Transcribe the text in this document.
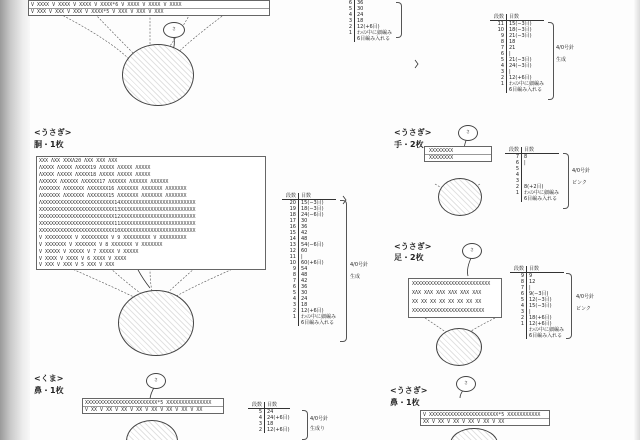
V XXXX V XXXX V XXXX V XXXX*6 V XXXX V XXXX V XXXX
V XXX V XXX V XXX V XXXX*5 V XXX V XXX V XXX
さ
6	36
5	30
4	24
3	18
2	12(+6目)
1	わの中に細編み
6目編み入れる
段数	目数
11	15(−3目)
10	18(−3目)
9	21(−3目)
8	18
7	21
6	|
5	21(−3目)
4	24(−3目)
3	|
2	12(+6目)
1	わの中に細編み
6目編み入れる
4/0号針
生成
<うさぎ>
胴・1枚
XXX ΛXX XXXΛ20 ΛXX XXX ΛXX
ΛXXXX ΛXXXX ΛXXXX19 ΛXXXX ΛXXXX ΛXXXX
ΛXXXX ΛXXXX ΛXXXX18 ΛXXXX ΛXXXX ΛXXXX
ΛXXXXX ΛXXXXX ΛXXXXX17 ΛXXXXX ΛXXXXX ΛXXXXX
ΛXXXXXX ΛXXXXXX ΛXXXXXX16 ΛXXXXXX ΛXXXXXX ΛXXXXXX
ΛXXXXXX ΛXXXXXX ΛXXXXXX15 ΛXXXXXX ΛXXXXXX ΛXXXXXX
ΛXXXXXXXXXXXXXXXXXXXXXXXX14XXXXXXXXXXXXXXXXXXXXXXXXX
XXXXXXXXXXXXXXXXXXXXXXXXX13XXXXXXXXXXXXXXXXXXXXXXXXX
XXXXXXXXXXXXXXXXXXXXXXXXX12XXXXXXXXXXXXXXXXXXXXXXXXX
XXXXXXXXXXXXXXXXXXXXXXXXX11XXXXXXXXXXXXXXXXXXXXXXXXX
XXXXXXXXXXXXXXXXXXXXXXXXX10XXXXXXXXXXXXXXXXXXXXXXXXX
V XXXXXXXXX V XXXXXXXXX V 9 XXXXXXXXX V XXXXXXXXX
V XXXXXXX V XXXXXXX V 8 XXXXXXX V XXXXXXX
V XXXXX V XXXXX V 7 XXXXX V XXXXX
V XXXX V XXXX V 6 XXXX V XXXX
V XXX V XXX V 5 XXX V XXX
段数	目数
20	15(−3目)
19	18(−3目)
18	24(−6目)
17	30
16	36
15	42
14	48
13	54(−6目)
12	60
11	|
10	60(+6目)
9	54
8	48
7	42
6	36
5	30
4	24
3	18
2	12(+6目)
1	わの中に細編み
6目編み入れる
4/0号針
生成
<うさぎ>
手・2枚
さ
XXXXXXXX
XXXXXXXX
段数	目数
7	8
6	|
5
4
3
2	8(+2目)
1	わの中に細編み
6目編み入れる
4/0号針
ピンク
<うさぎ>
足・2枚
さ
XXXXXXXXXXXXXXXXXXXXXXXXXX
XΛX XΛX XΛX XΛX XΛX XΛX
XX XX XX XX XX XX XX XX
XXXXXXXXXXXXXXXXXXXXXXXX
段数	目数
9	9
8	12
7	|
6	9(−3目)
5	12(−3目)
4	15(−3目)
3	|
2	18(+6目)
1	12(+6目)
わの中に細編み
6目編み入れる
4/0号針
ピンク
<くま>
鼻・1枚
さ
XXXXXXXXXXXXXXXXXXXXXXXX*5 XXXXXXXXXXXXXXX
V XX V XX V XX V XX V XX V XX V XX V XX
段数	目数
5	24
4	24(+6目)
3	18
2	12(+6目)
4/0号針
生成り
<うさぎ>
鼻・1枚
さ
V XXXXXXXXXXXXXXXXXXXXXXX*5 XXXXXXXXXXX
XX V XX V XX V XX V XX V XX
